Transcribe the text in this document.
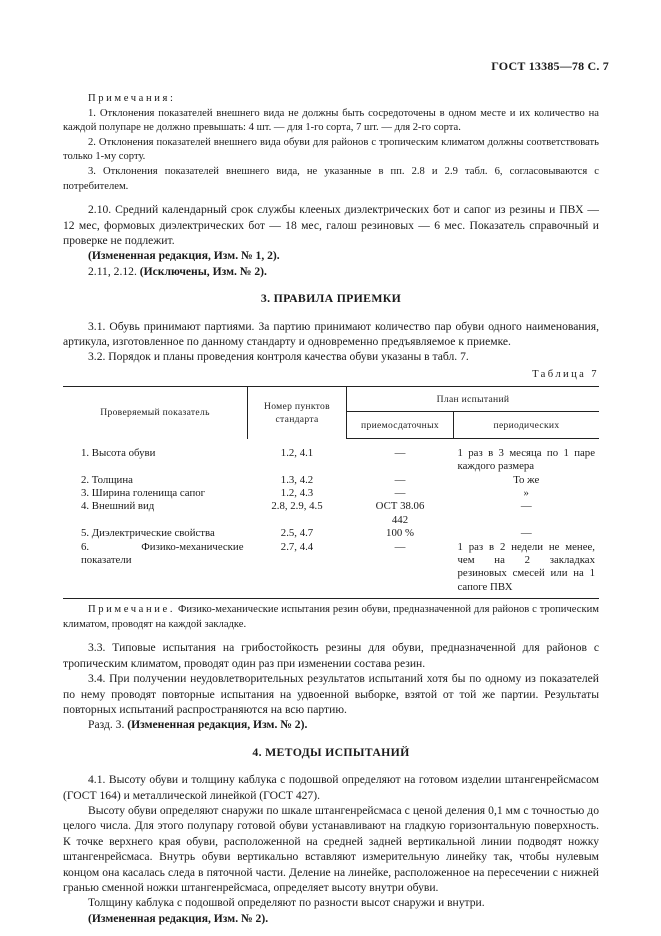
ГОСТ 13385—78 С. 7

Примечания:

1. Отклонения показателей внешнего вида не должны быть сосредоточены в одном месте и их количество на каждой полупаре не должно превышать: 4 шт. — для 1-го сорта, 7 шт. — для 2-го сорта.

2. Отклонения показателей внешнего вида обуви для районов с тропическим климатом должны соответствовать только 1-му сорту.

3. Отклонения показателей внешнего вида, не указанные в пп. 2.8 и 2.9 табл. 6, согласовываются с потребителем.

2.10. Средний календарный срок службы клееных диэлектрических бот и сапог из резины и ПВХ — 12 мес, формовых диэлектрических бот — 18 мес, галош резиновых — 6 мес. Показатель справочный и проверке не подлежит.

(Измененная редакция, Изм. № 1, 2).

2.11, 2.12. (Исключены, Изм. № 2).

3. ПРАВИЛА ПРИЕМКИ

3.1. Обувь принимают партиями. За партию принимают количество пар обуви одного наименования, артикула, изготовленное по данному стандарту и одновременно предъявляемое к приемке.

3.2. Порядок и планы проведения контроля качества обуви указаны в табл. 7.

Таблица 7
Проверяемый показатель	Номер пунктов стандарта	План испытаний	
		приемосдаточных	периодических

1. Высота обуви	1.2, 4.1	—	1 раз в 3 месяца по 1 паре каждого размера
2. Толщина	1.3, 4.2	—	То же
3. Ширина голенища сапог	1.2, 4.3	—	»
4. Внешний вид	2.8, 2.9, 4.5	ОСТ 38.06 442	—
5. Диэлектрические свойства	2.5, 4.7	100 %	—
6. Физико-механические показатели	2.7, 4.4	—	1 раз в 2 недели не менее, чем на 2 закладках резиновых смесей или на 1 сапоге ПВХ

Примечание. Физико-механические испытания резин обуви, предназначенной для районов с тропическим климатом, проводят на каждой закладке.

3.3. Типовые испытания на грибостойкость резины для обуви, предназначенной для районов с тропическим климатом, проводят один раз при изменении состава резин.

3.4. При получении неудовлетворительных результатов испытаний хотя бы по одному из показателей по нему проводят повторные испытания на удвоенной выборке, взятой от той же партии. Результаты повторных испытаний распространяются на всю партию.

Разд. 3. (Измененная редакция, Изм. № 2).

4. МЕТОДЫ ИСПЫТАНИЙ

4.1. Высоту обуви и толщину каблука с подошвой определяют на готовом изделии штангенрейсмасом (ГОСТ 164) и металлической линейкой (ГОСТ 427).

Высоту обуви определяют снаружи по шкале штангенрейсмаса с ценой деления 0,1 мм с точностью до целого числа. Для этого полупару готовой обуви устанавливают на гладкую горизонтальную поверхность. К точке верхнего края обуви, расположенной на средней задней вертикальной линии подводят ножку штангенрейсмаса. Внутрь обуви вертикально вставляют измерительную линейку так, чтобы нулевым концом она касалась следа в пяточной части. Деление на линейке, расположенное на пересечении с нижней гранью сменной ножки штангенрейсмаса, определяет высоту внутри обуви.

Толщину каблука с подошвой определяют по разности высот снаружи и внутри.

(Измененная редакция, Изм. № 2).
